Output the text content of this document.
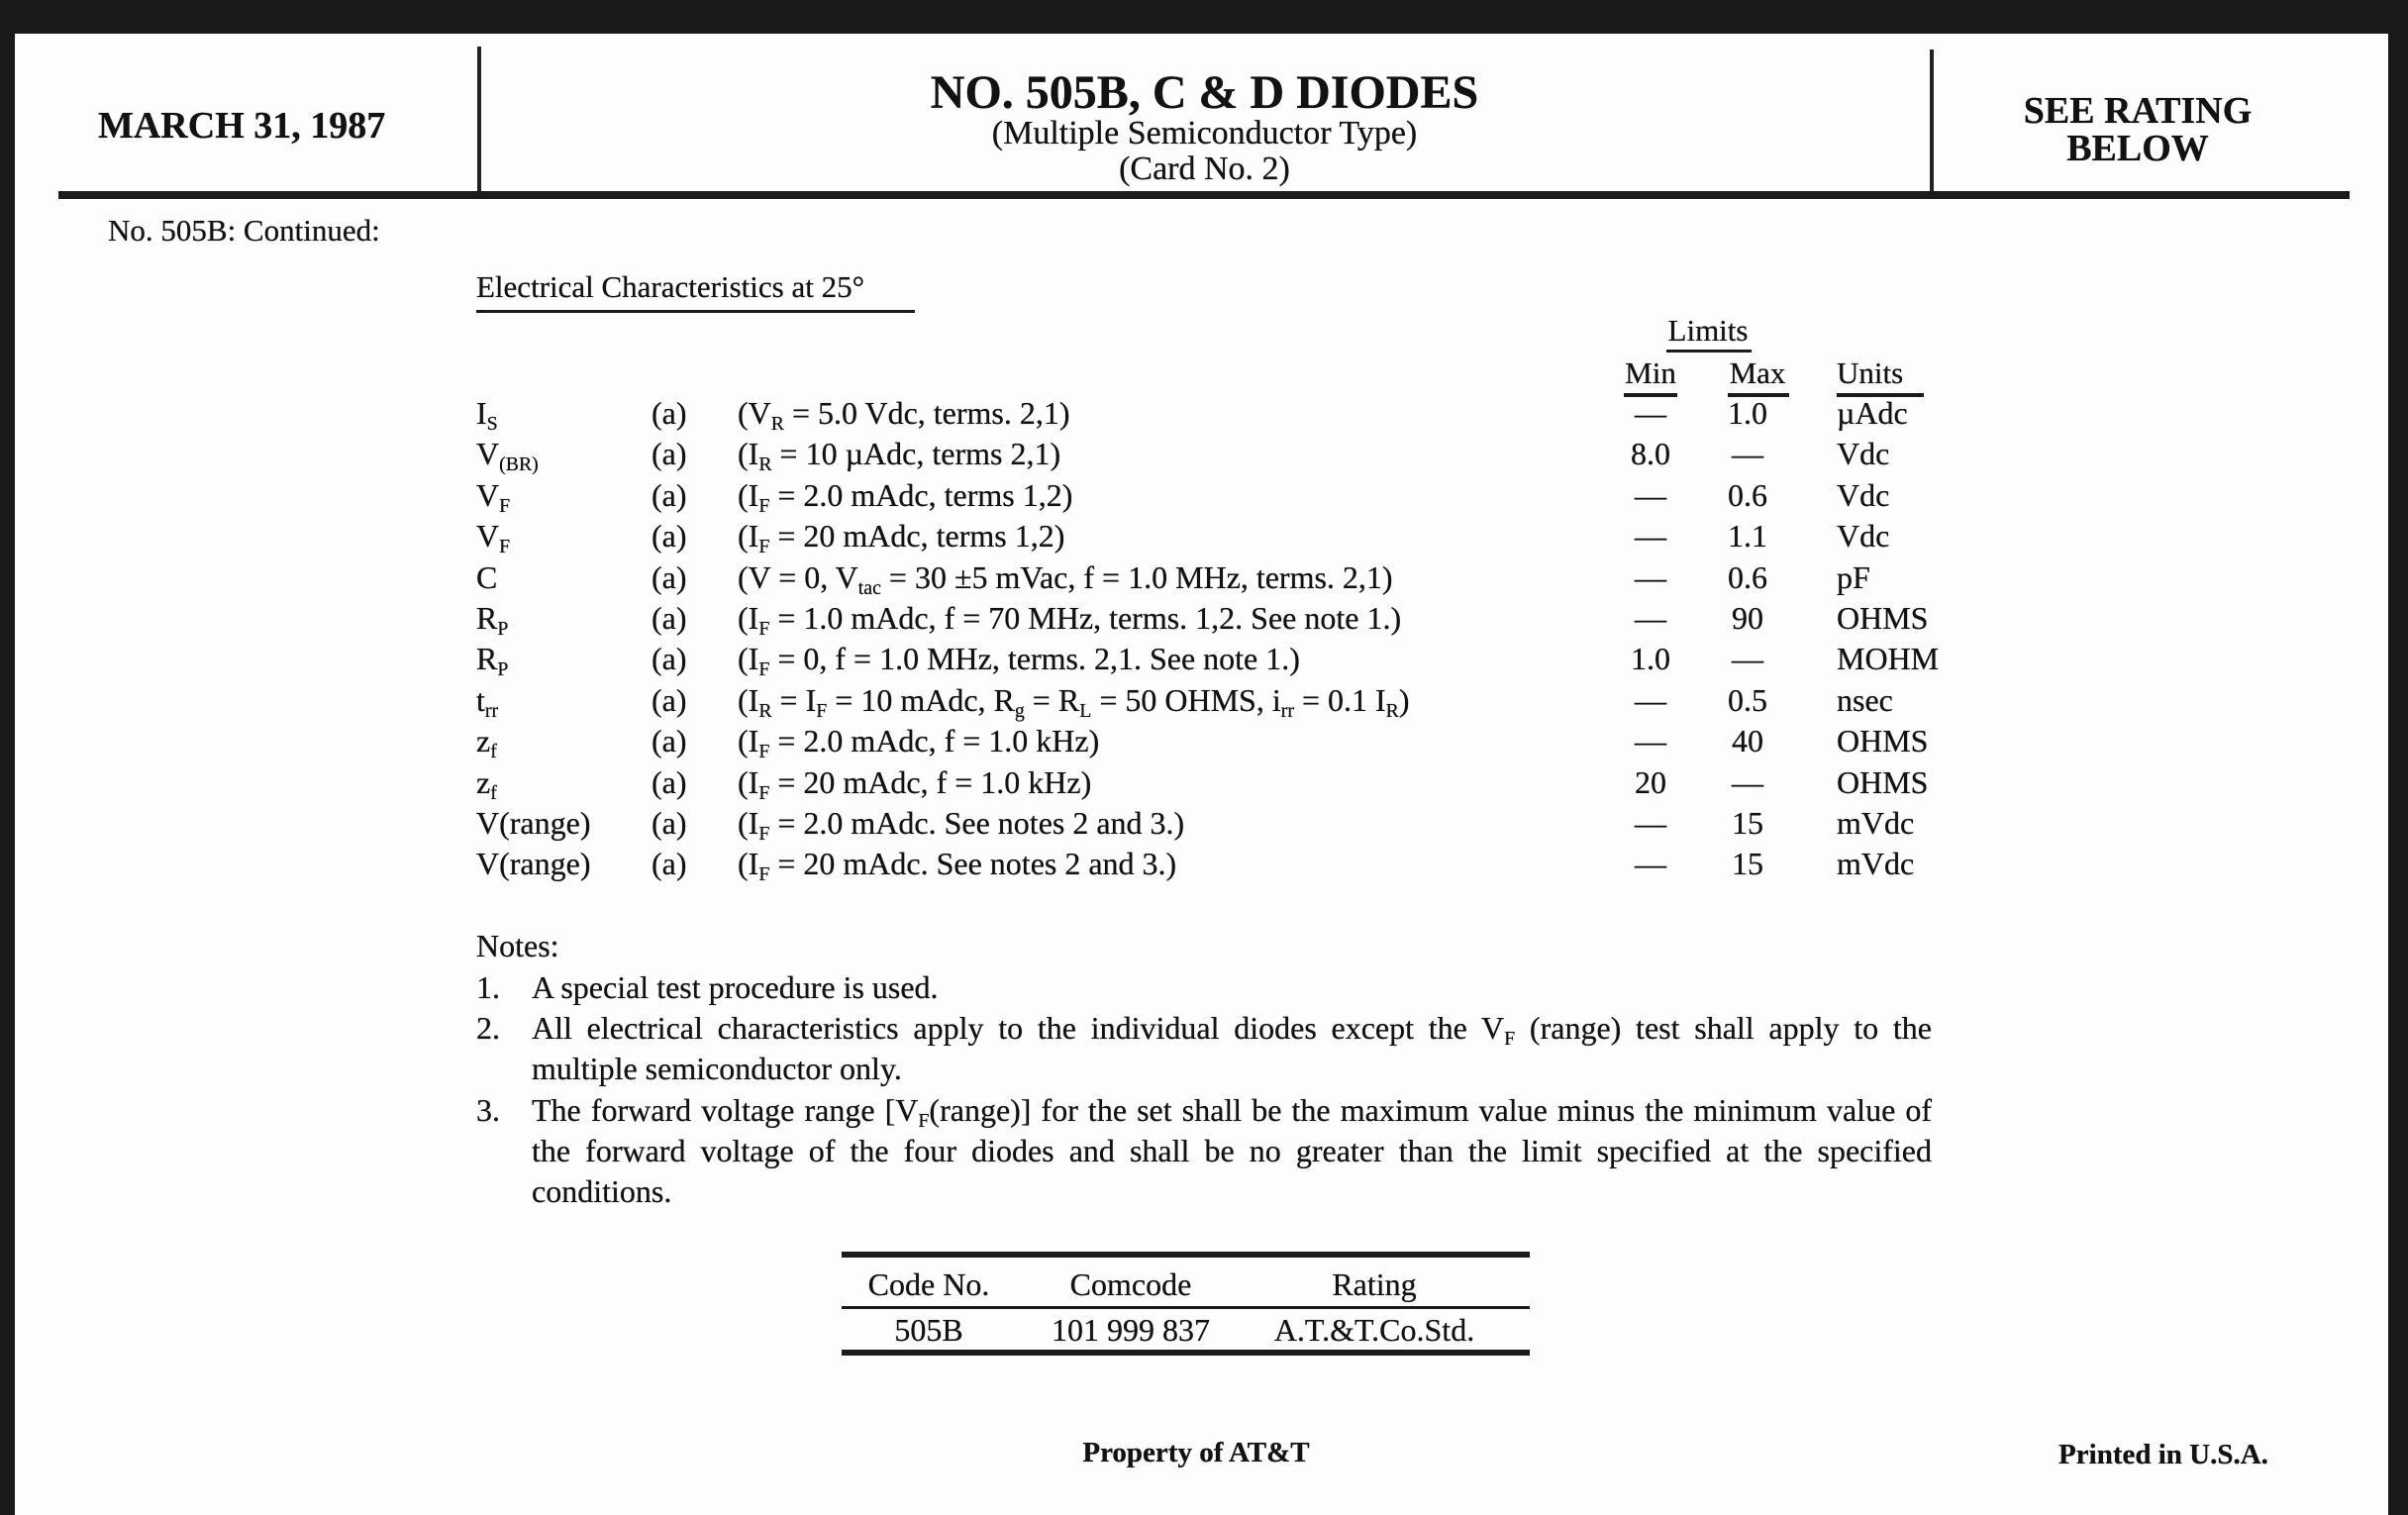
MARCH 31, 1987
NO. 505B, C & D DIODES
(Multiple Semiconductor Type)
(Card No. 2)
SEE RATING
BELOW
No. 505B: Continued:
Electrical Characteristics at 25°
Limits
Min	Max	Units
$I_S$	(a) ($V_R = 5.0$ Vdc, terms. 2,1)	—	1.0	µAdc
$V_{(BR)}$	(a) ($I_R = 10$ µAdc, terms 2,1)	8.0	—	Vdc
$V_F$	(a) ($I_F = 2.0$ mAdc, terms 1,2)	—	0.6	Vdc
$V_F$	(a) ($I_F = 20$ mAdc, terms 1,2)	—	1.1	Vdc
C	(a) (V = 0, $V_{tac} = 30 \pm 5$ mVac, f = 1.0 MHz, terms. 2,1)	—	0.6	pF
$R_P$	(a) ($I_F = 1.0$ mAdc, f = 70 MHz, terms. 1,2. See note 1.)	—	90	OHMS
$R_P$	(a) ($I_F = 0$, f = 1.0 MHz, terms. 2,1. See note 1.)	1.0	—	MOHM
$t_{rr}$	(a) ($I_R = I_F = 10$ mAdc, $R_g = R_L = 50$ OHMS, $i_{rr} = 0.1$ $I_R$)	—	0.5	nsec
$z_f$	(a) ($I_F = 2.0$ mAdc, f = 1.0 kHz)	—	40	OHMS
$z_f$	(a) ($I_F = 20$ mAdc, f = 1.0 kHz)	20	—	OHMS
V(range) (a) ($I_F = 2.0$ mAdc. See notes 2 and 3.)	—	15	mVdc
V(range) (a) ($I_F = 20$ mAdc. See notes 2 and 3.)	—	15	mVdc
Notes:
1. A special test procedure is used.
2. All electrical characteristics apply to the individual diodes except the $V_F$ (range) test shall apply to the multiple semiconductor only.
3. The forward voltage range $[V_F(range)]$ for the set shall be the maximum value minus the minimum value of the forward voltage of the four diodes and shall be no greater than the limit specified at the specified conditions.
Code No.	Comcode	Rating
505B	101 999 837	A.T.&T.Co.Std.
Property of AT&T	Printed in U.S.A.
